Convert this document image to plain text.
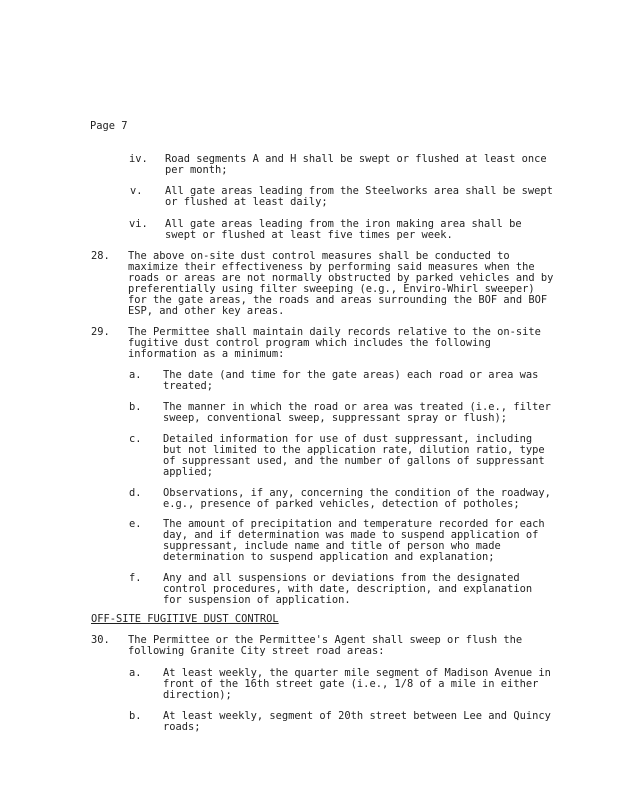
Page 7
iv. Road segments A and H shall be swept or flushed at least once
per month;
v. All gate areas leading from the Steelworks area shall be swept
or flushed at least daily;
vi. All gate areas leading from the iron making area shall be
swept or flushed at least five times per week.
28. The above on-site dust control measures shall be conducted to
maximize their effectiveness by performing said measures when the
roads or areas are not normally obstructed by parked vehicles and by
preferentially using filter sweeping (e.g., Enviro-Whirl sweeper)
for the gate areas, the roads and areas surrounding the BOF and BOF
ESP, and other key areas.
29. The Permittee shall maintain daily records relative to the on-site
fugitive dust control program which includes the following
information as a minimum:
a. The date (and time for the gate areas) each road or area was
treated;
b. The manner in which the road or area was treated (i.e., filter
sweep, conventional sweep, suppressant spray or flush);
c. Detailed information for use of dust suppressant, including
but not limited to the application rate, dilution ratio, type
of suppressant used, and the number of gallons of suppressant
applied;
d. Observations, if any, concerning the condition of the roadway,
e.g., presence of parked vehicles, detection of potholes;
e. The amount of precipitation and temperature recorded for each
day, and if determination was made to suspend application of
suppressant, include name and title of person who made
determination to suspend application and explanation;
f. Any and all suspensions or deviations from the designated
control procedures, with date, description, and explanation
for suspension of application.
OFF-SITE FUGITIVE DUST CONTROL
30. The Permittee or the Permittee's Agent shall sweep or flush the
following Granite City street road areas:
a. At least weekly, the quarter mile segment of Madison Avenue in
front of the 16th street gate (i.e., 1/8 of a mile in either
direction);
b. At least weekly, segment of 20th street between Lee and Quincy
roads;
